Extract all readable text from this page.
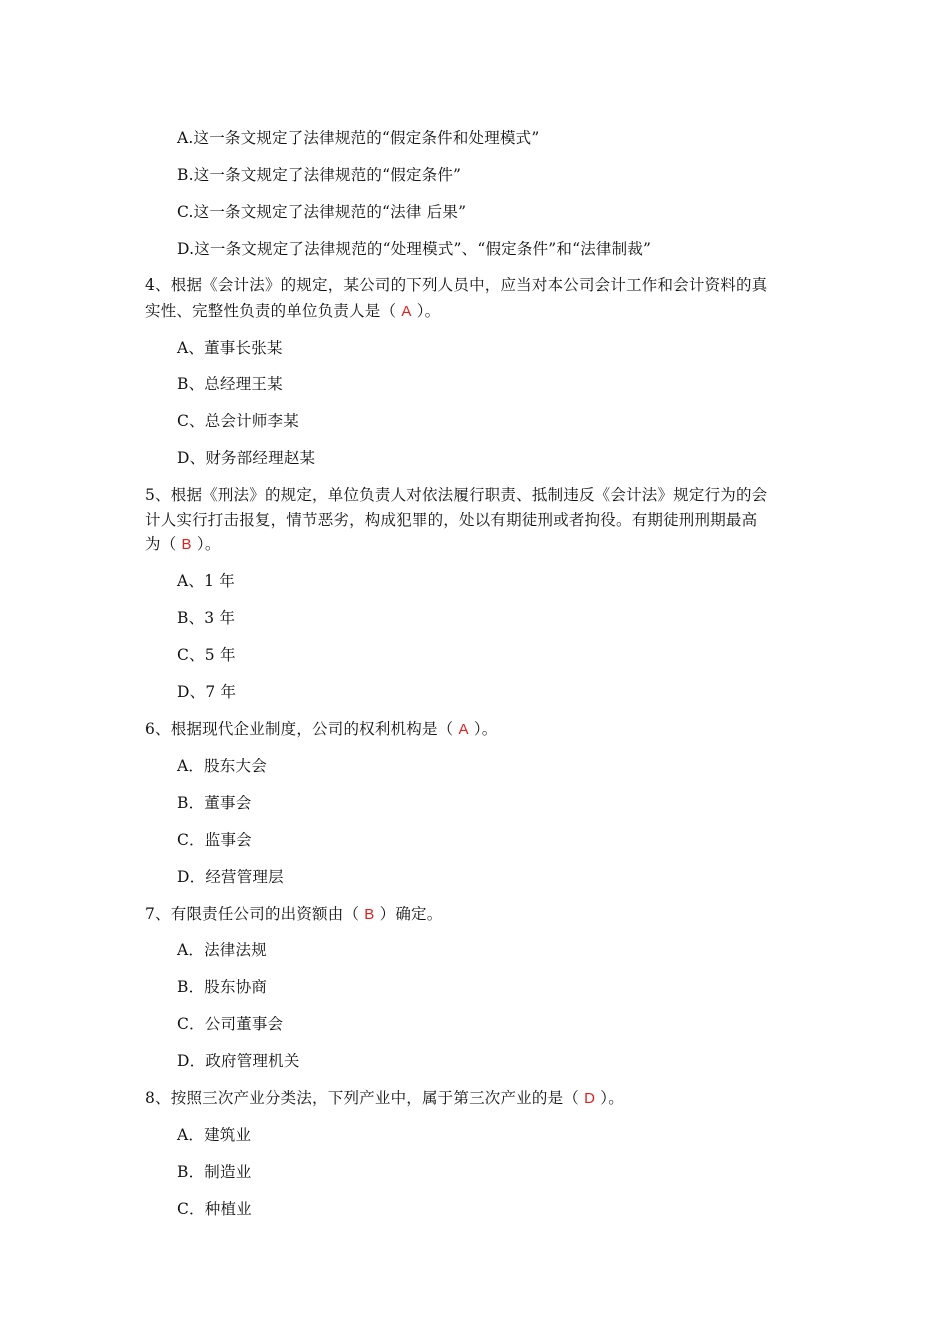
A.这一条文规定了法律规范的“假定条件和处理模式”
B.这一条文规定了法律规范的“假定条件”
C.这一条文规定了法律规范的“法律 后果”
D.这一条文规定了法律规范的“处理模式”、“假定条件”和“法律制裁”
4、根据《会计法》的规定，某公司的下列人员中，应当对本公司会计工作和会计资料的真
实性、完整性负责的单位负责人是（ A ）。
A、董事长张某
B、总经理王某
C、总会计师李某
D、财务部经理赵某
5、根据《刑法》的规定，单位负责人对依法履行职责、抵制违反《会计法》规定行为的会
计人实行打击报复，情节恶劣，构成犯罪的，处以有期徒刑或者拘役。有期徒刑刑期最高
为（ B ）。
A、1 年
B、3 年
C、5 年
D、7 年
6、根据现代企业制度，公司的权利机构是（ A ）。
A．股东大会
B．董事会
C．监事会
D．经营管理层
7、有限责任公司的出资额由（ B ）确定。
A．法律法规
B．股东协商
C．公司董事会
D．政府管理机关
8、按照三次产业分类法，下列产业中，属于第三次产业的是（ D ）。
A．建筑业
B．制造业
C．种植业
